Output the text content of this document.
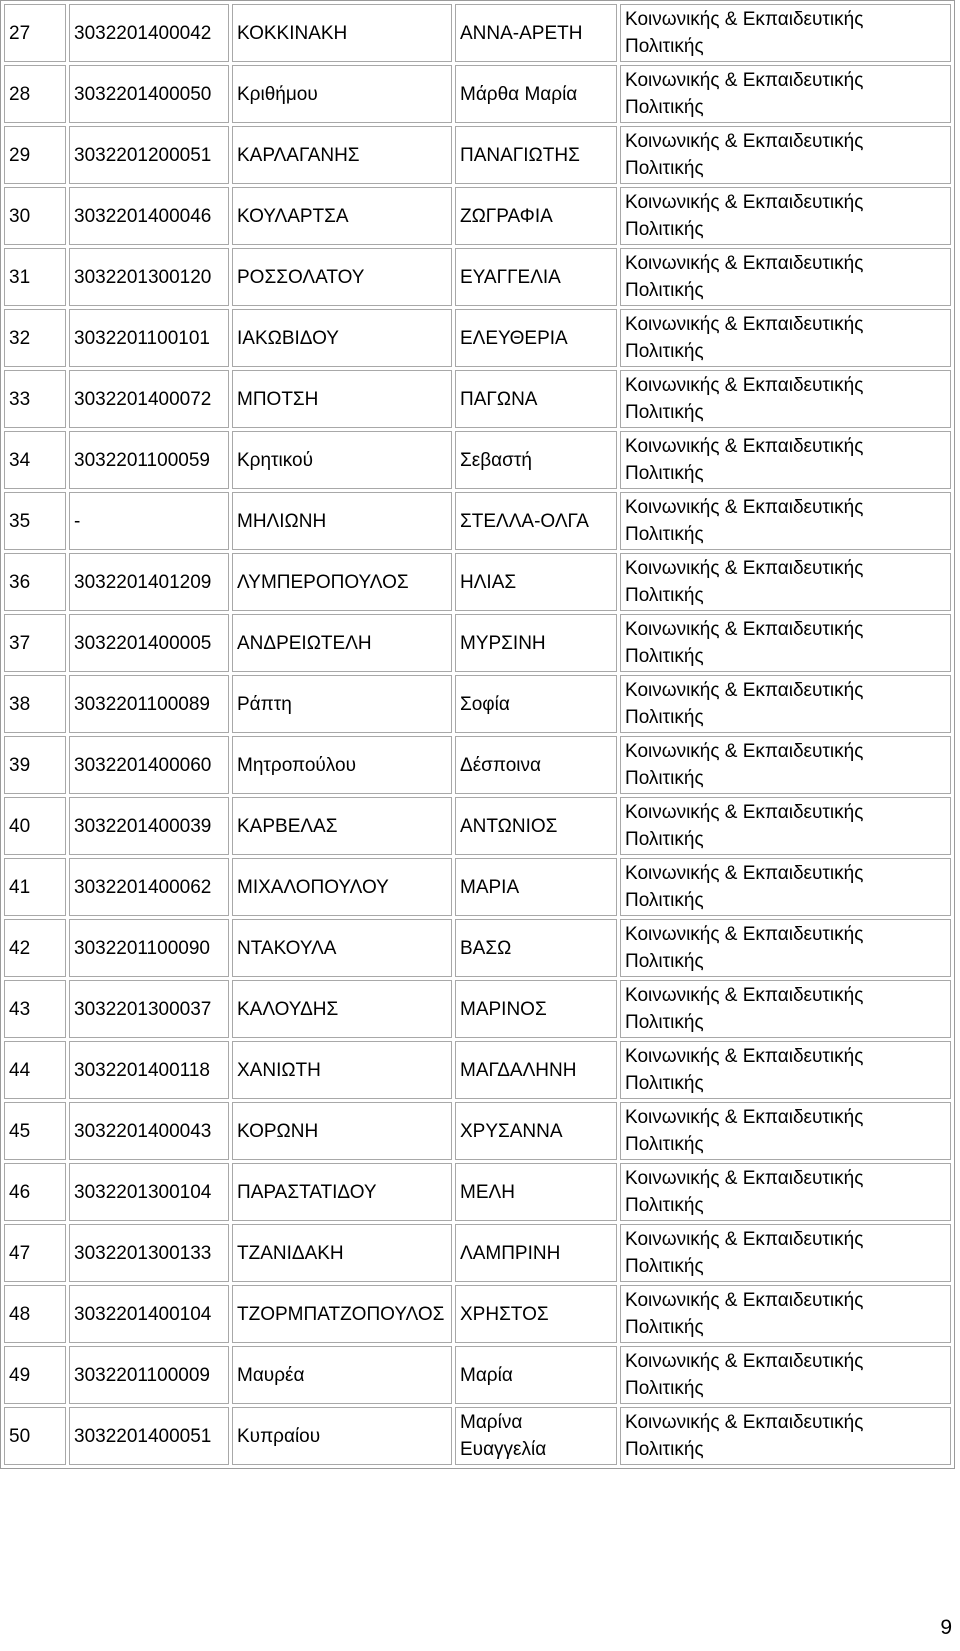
27	3032201400042	ΚΟΚΚΙΝΑΚΗ	ΑΝΝΑ-ΑΡΕΤΗ	Κοινωνικής & Εκπαιδευτικής
Πολιτικής
28	3032201400050	Κριθήμου	Μάρθα Μαρία	Κοινωνικής & Εκπαιδευτικής
Πολιτικής
29	3032201200051	ΚΑΡΛΑΓΑΝΗΣ	ΠΑΝΑΓΙΩΤΗΣ	Κοινωνικής & Εκπαιδευτικής
Πολιτικής
30	3032201400046	ΚΟΥΛΑΡΤΣΑ	ΖΩΓΡΑΦΙΑ	Κοινωνικής & Εκπαιδευτικής
Πολιτικής
31	3032201300120	ΡΟΣΣΟΛΑΤΟΥ	ΕΥΑΓΓΕΛΙΑ	Κοινωνικής & Εκπαιδευτικής
Πολιτικής
32	3032201100101	ΙΑΚΩΒΙΔΟΥ	ΕΛΕΥΘΕΡΙΑ	Κοινωνικής & Εκπαιδευτικής
Πολιτικής
33	3032201400072	ΜΠΟΤΣΗ	ΠΑΓΩΝΑ	Κοινωνικής & Εκπαιδευτικής
Πολιτικής
34	3032201100059	Κρητικού	Σεβαστή	Κοινωνικής & Εκπαιδευτικής
Πολιτικής
35	-	ΜΗΛΙΩΝΗ	ΣΤΕΛΛΑ-ΟΛΓΑ	Κοινωνικής & Εκπαιδευτικής
Πολιτικής
36	3032201401209	ΛΥΜΠΕΡΟΠΟΥΛΟΣ	ΗΛΙΑΣ	Κοινωνικής & Εκπαιδευτικής
Πολιτικής
37	3032201400005	ΑΝΔΡΕΙΩΤΕΛΗ	ΜΥΡΣΙΝΗ	Κοινωνικής & Εκπαιδευτικής
Πολιτικής
38	3032201100089	Ράπτη	Σοφία	Κοινωνικής & Εκπαιδευτικής
Πολιτικής
39	3032201400060	Μητροπούλου	Δέσποινα	Κοινωνικής & Εκπαιδευτικής
Πολιτικής
40	3032201400039	ΚΑΡΒΕΛΑΣ	ΑΝΤΩΝΙΟΣ	Κοινωνικής & Εκπαιδευτικής
Πολιτικής
41	3032201400062	ΜΙΧΑΛΟΠΟΥΛΟΥ	ΜΑΡΙΑ	Κοινωνικής & Εκπαιδευτικής
Πολιτικής
42	3032201100090	ΝΤΑΚΟΥΛΑ	ΒΑΣΩ	Κοινωνικής & Εκπαιδευτικής
Πολιτικής
43	3032201300037	ΚΑΛΟΥΔΗΣ	ΜΑΡΙΝΟΣ	Κοινωνικής & Εκπαιδευτικής
Πολιτικής
44	3032201400118	ΧΑΝΙΩΤΗ	ΜΑΓΔΑΛΗΝΗ	Κοινωνικής & Εκπαιδευτικής
Πολιτικής
45	3032201400043	ΚΟΡΩΝΗ	ΧΡΥΣΑΝΝΑ	Κοινωνικής & Εκπαιδευτικής
Πολιτικής
46	3032201300104	ΠΑΡΑΣΤΑΤΙΔΟΥ	ΜΕΛΗ	Κοινωνικής & Εκπαιδευτικής
Πολιτικής
47	3032201300133	ΤΖΑΝΙΔΑΚΗ	ΛΑΜΠΡΙΝΗ	Κοινωνικής & Εκπαιδευτικής
Πολιτικής
48	3032201400104	ΤΖΟΡΜΠΑΤΖΟΠΟΥΛΟΣ	ΧΡΗΣΤΟΣ	Κοινωνικής & Εκπαιδευτικής
Πολιτικής
49	3032201100009	Μαυρέα	Μαρία	Κοινωνικής & Εκπαιδευτικής
Πολιτικής
50	3032201400051	Κυπραίου	Μαρίνα Ευαγγελία	Κοινωνικής & Εκπαιδευτικής
Πολιτικής
9
